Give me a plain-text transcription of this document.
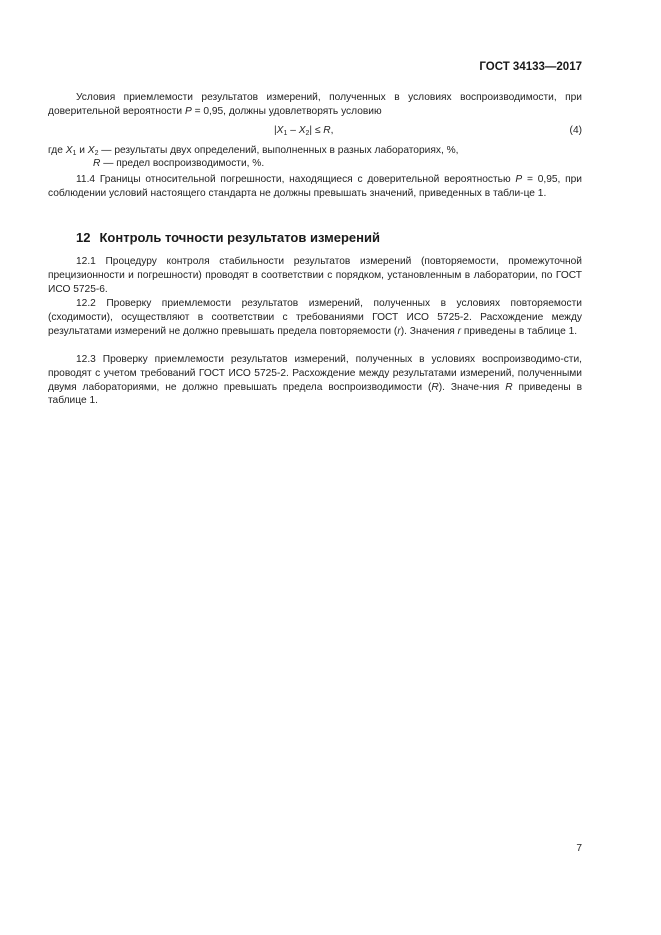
ГОСТ 34133—2017

Условия приемлемости результатов измерений, полученных в условиях воспроизводимости, при

доверительной вероятности P = 0,95, должны удовлетворять условию

$|X_1 - X_2| \le R$,	(4)
где $X_1$ и $X_2$ — результаты двух определений, выполненных в разных лабораториях, %,
R — предел воспроизводимости, %.

11.4 Границы относительной погрешности, находящиеся с доверительной вероятностью P = 0,95, при соблюдении условий настоящего стандарта не должны превышать значений, приведенных в табли-це 1.

12 Контроль точности результатов измерений

12.1 Процедуру контроля стабильности результатов измерений (повторяемости, промежуточной прецизионности и погрешности) проводят в соответствии с порядком, установленным в лаборатории, по ГОСТ ИСО 5725-6.

12.2 Проверку приемлемости результатов измерений, полученных в условиях повторяемости (сходимости), осуществляют в соответствии с требованиями ГОСТ ИСО 5725-2. Расхождение между результатами измерений не должно превышать предела повторяемости (r). Значения r приведены в таблице 1.

12.3 Проверку приемлемости результатов измерений, полученных в условиях воспроизводимо-сти, проводят с учетом требований ГОСТ ИСО 5725-2. Расхождение между результатами измерений, полученными двумя лабораториями, не должно превышать предела воспроизводимости (R). Значе-ния R приведены в таблице 1.

7
